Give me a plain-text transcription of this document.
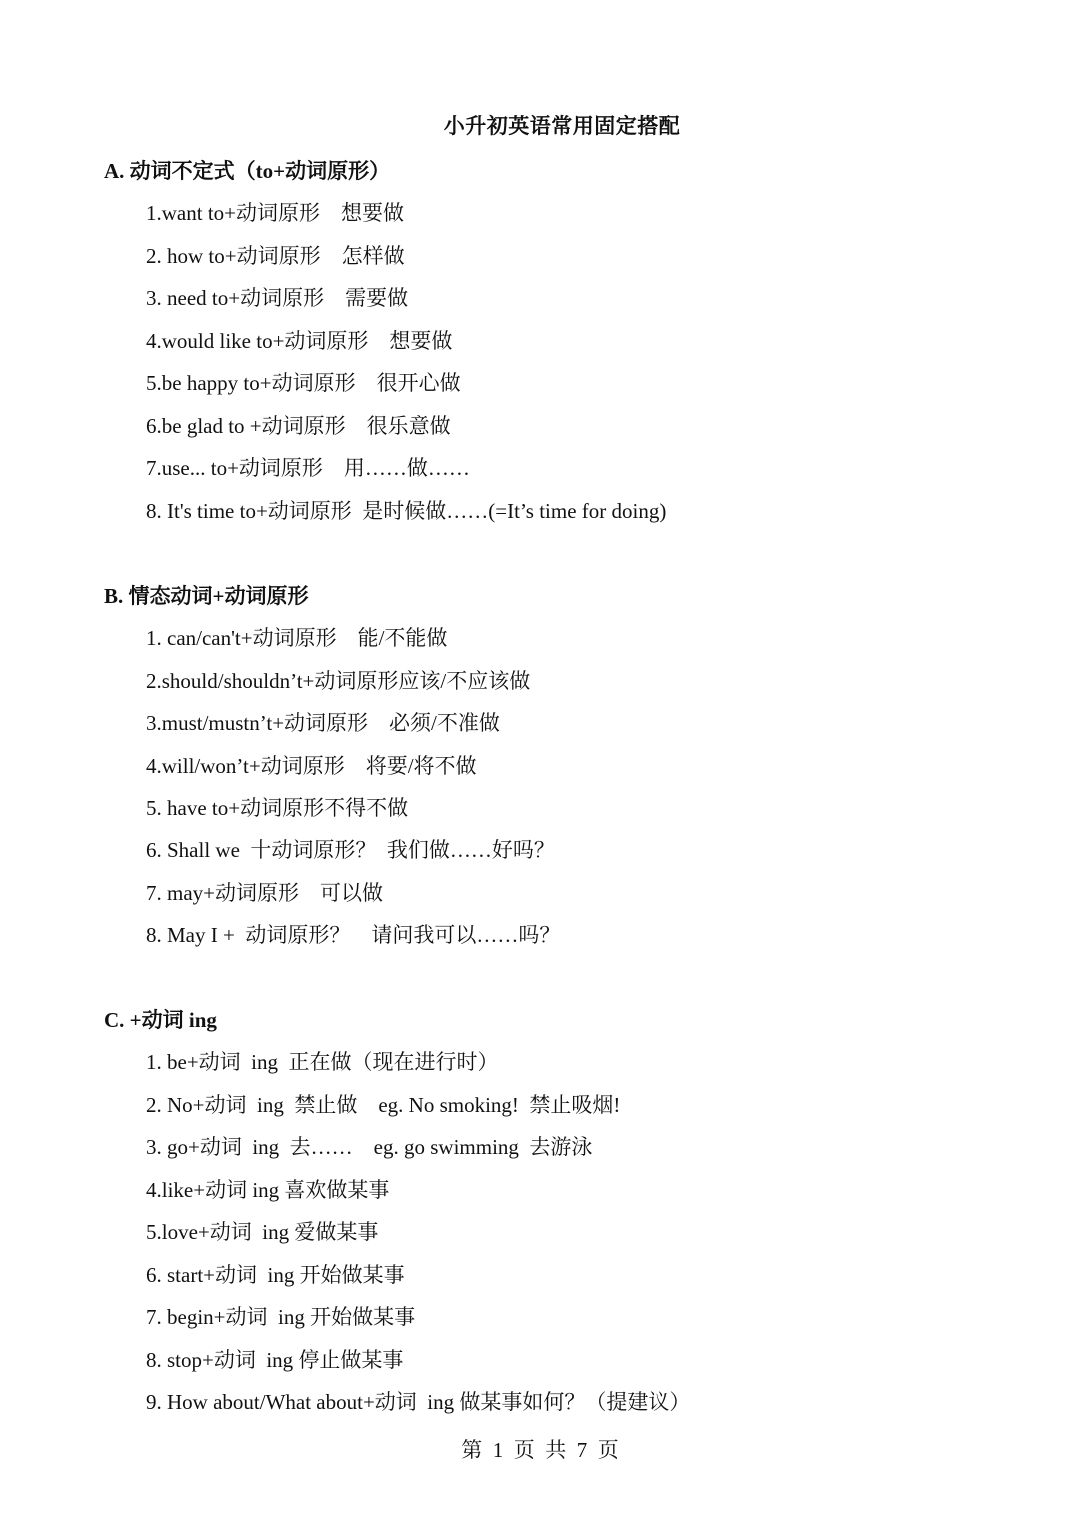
小升初英语常用固定搭配
A. 动词不定式（to+动词原形）
1.want to+动词原形    想要做
2. how to+动词原形    怎样做
3. need to+动词原形    需要做
4.would like to+动词原形    想要做
5.be happy to+动词原形    很开心做
6.be glad to +动词原形    很乐意做
7.use... to+动词原形    用……做……
8. It's time to+动词原形  是时候做……(=It’s time for doing)
B. 情态动词+动词原形
1. can/can't+动词原形    能/不能做
2.should/shouldn’t+动词原形应该/不应该做
3.must/mustn’t+动词原形    必须/不准做
4.will/won’t+动词原形    将要/将不做
5. have to+动词原形不得不做
6. Shall we  十动词原形？  我们做……好吗？
7. may+动词原形    可以做
8. May I +  动词原形？    请问我可以……吗？
C. +动词 ing
1. be+动词  ing  正在做（现在进行时）
2. No+动词  ing  禁止做    eg. No smoking!  禁止吸烟!
3. go+动词  ing  去……    eg. go swimming  去游泳
4.like+动词 ing 喜欢做某事
5.love+动词  ing 爱做某事
6. start+动词  ing 开始做某事
7. begin+动词  ing 开始做某事
8. stop+动词  ing 停止做某事
9. How about/What about+动词  ing 做某事如何？（提建议）
第  1  页  共  7  页
